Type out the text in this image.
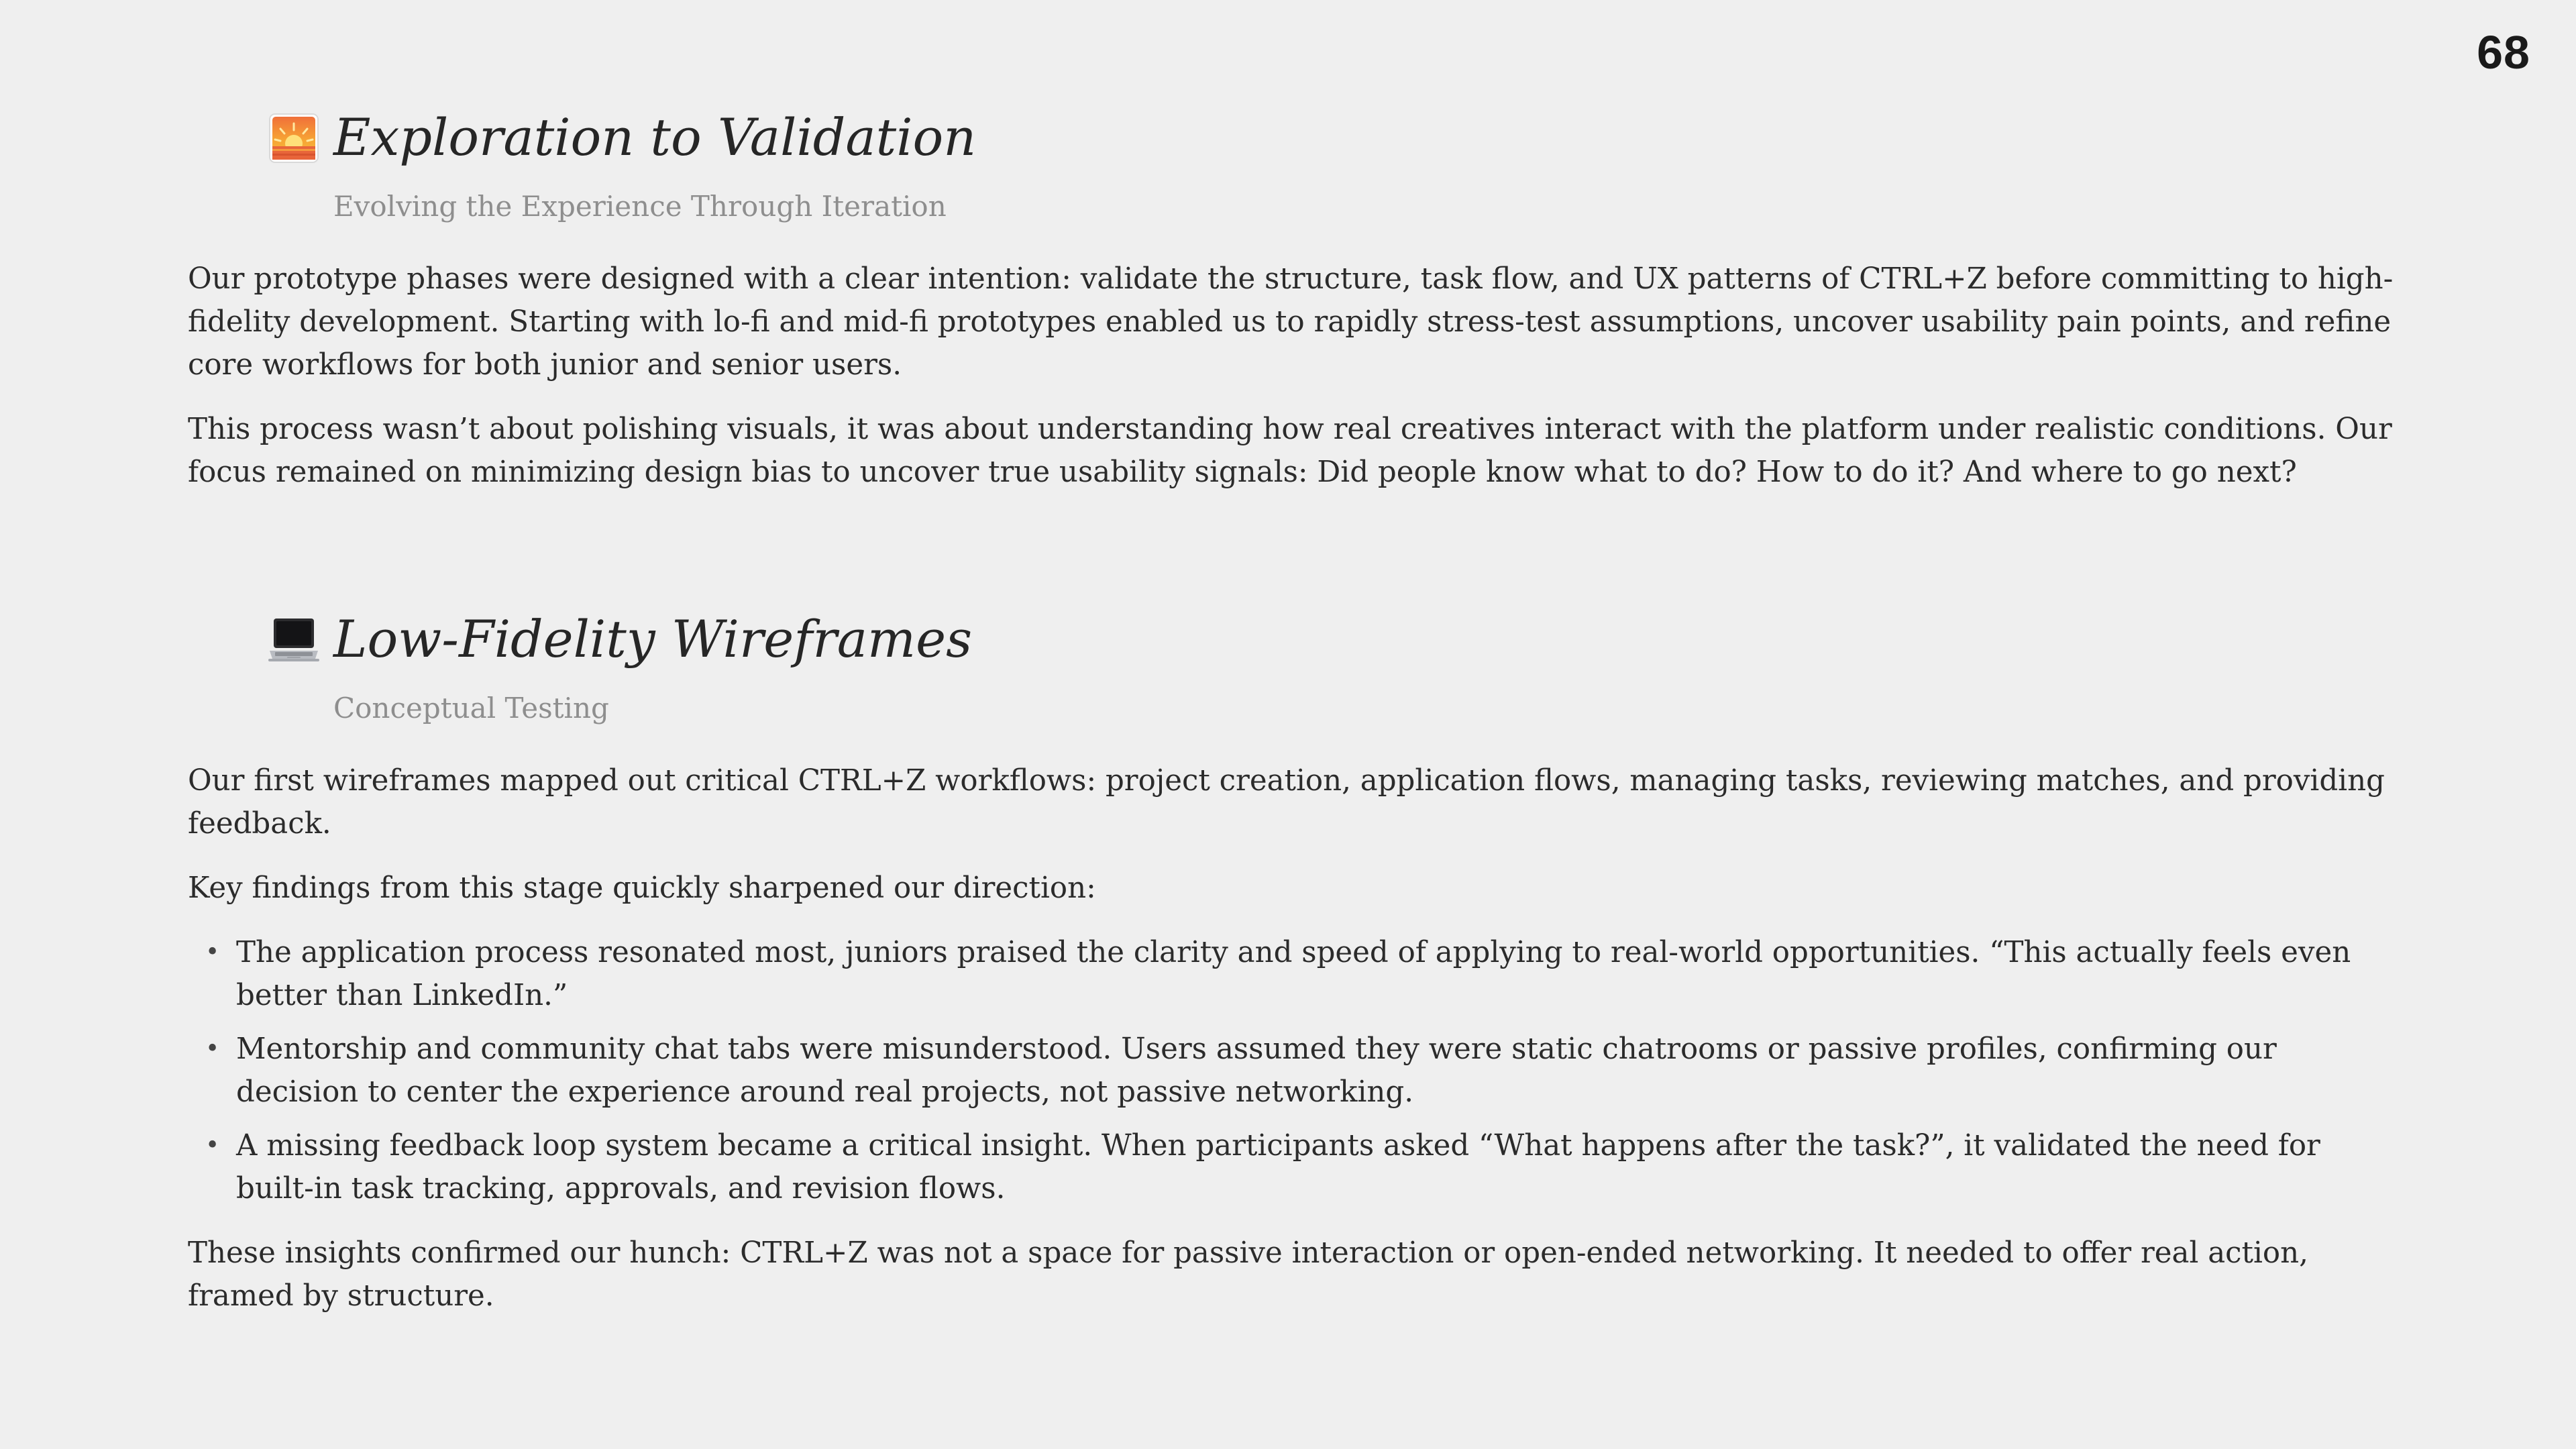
68
Exploration to Validation

Evolving the Experience Through Iteration

Our prototype phases were designed with a clear intention: validate the structure, task flow, and UX patterns of CTRL+Z before committing to high-fidelity development. Starting with lo-fi and mid-fi prototypes enabled us to rapidly stress-test assumptions, uncover usability pain points, and refine core workflows for both junior and senior users.

This process wasn’t about polishing visuals, it was about understanding how real creatives interact with the platform under realistic conditions. Our focus remained on minimizing design bias to uncover true usability signals: Did people know what to do? How to do it? And where to go next?

Low-Fidelity Wireframes

Conceptual Testing

Our first wireframes mapped out critical CTRL+Z workflows: project creation, application flows, managing tasks, reviewing matches, and providing feedback.

Key findings from this stage quickly sharpened our direction:

• The application process resonated most, juniors praised the clarity and speed of applying to real-world opportunities. “This actually feels even better than LinkedIn.”
• Mentorship and community chat tabs were misunderstood. Users assumed they were static chatrooms or passive profiles, confirming our decision to center the experience around real projects, not passive networking.
• A missing feedback loop system became a critical insight. When participants asked “What happens after the task?”, it validated the need for built-in task tracking, approvals, and revision flows.

These insights confirmed our hunch: CTRL+Z was not a space for passive interaction or open-ended networking. It needed to offer real action, framed by structure.
